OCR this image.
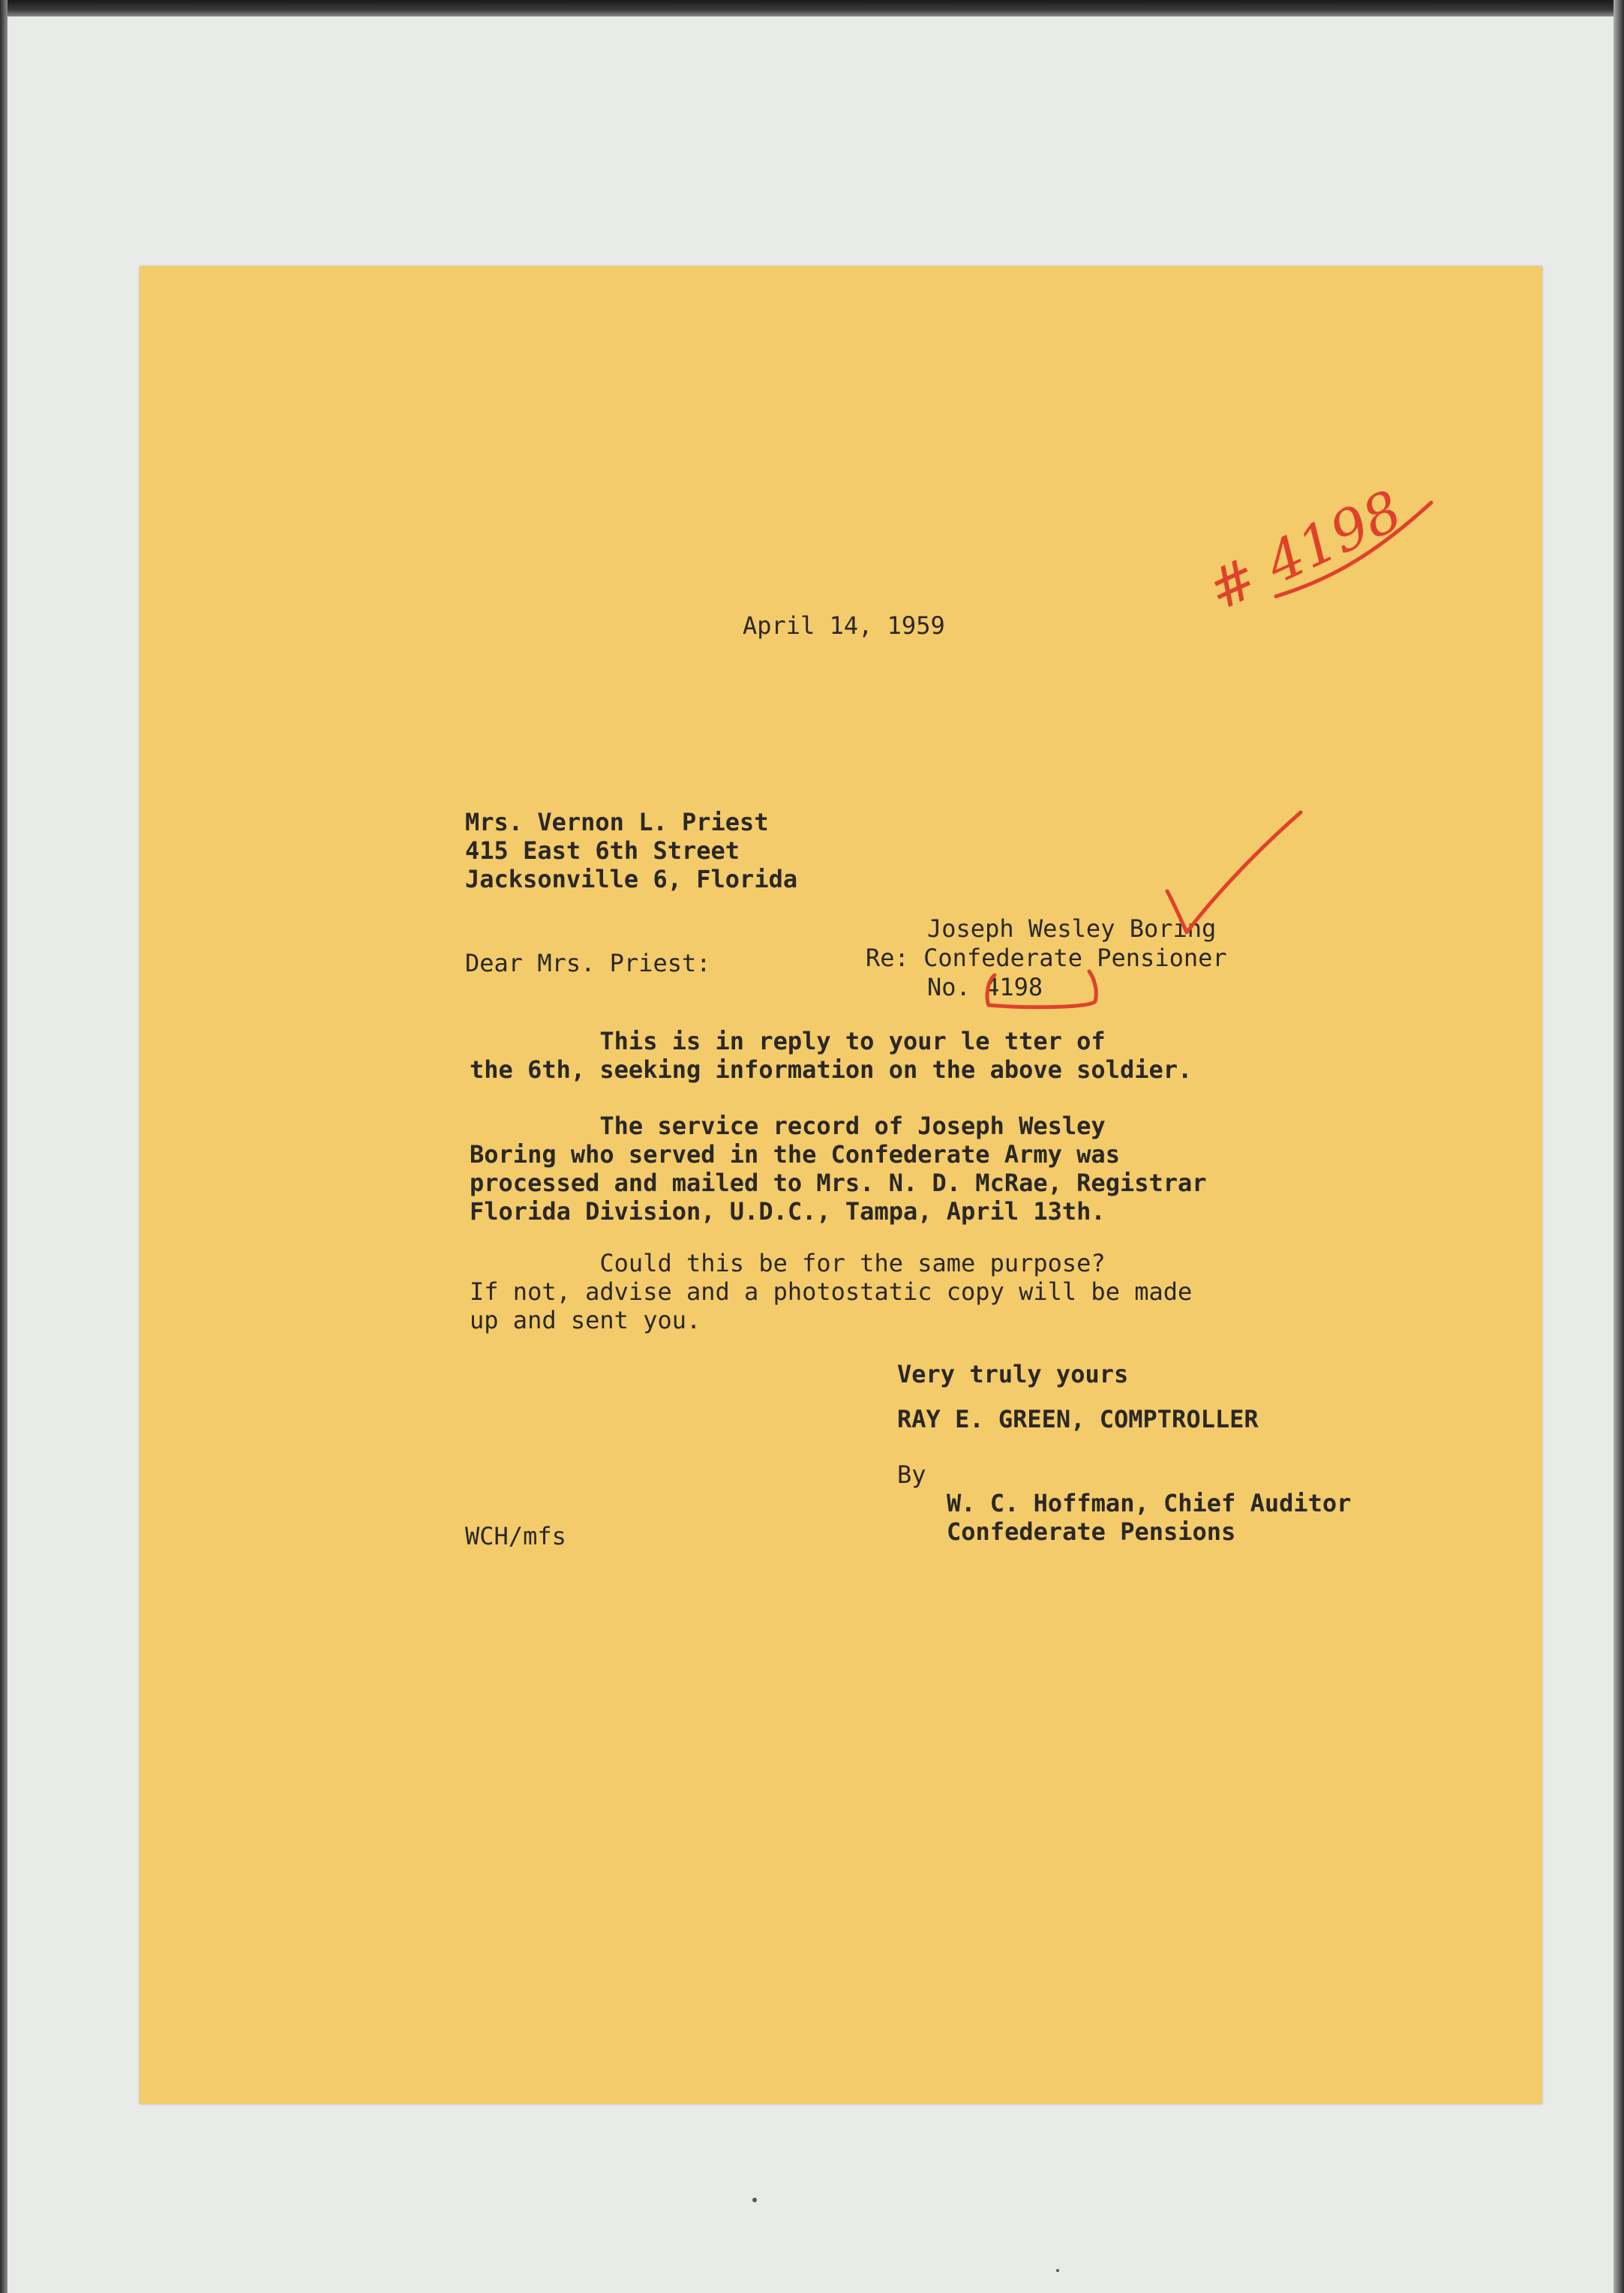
April 14, 1959

Mrs. Vernon L. Priest

415 East 6th Street

Jacksonville 6, Florida

Joseph Wesley Boring

Dear Mrs. Priest:	Re: Confederate Pensioner

No. 4198

This is in reply to your le tter of

the 6th, seeking information on the above soldier.

The service record of Joseph Wesley

Boring who served in the Confederate Army was

processed and mailed to Mrs. N. D. McRae, Registrar

Florida Division, U.D.C., Tampa, April 13th.

Could this be for the same purpose?

If not, advise and a photostatic copy will be made

up and sent you.

Very truly yours

RAY E. GREEN, COMPTROLLER

By

W. C. Hoffman, Chief Auditor

Confederate Pensions

WCH/mfs

# 4198
